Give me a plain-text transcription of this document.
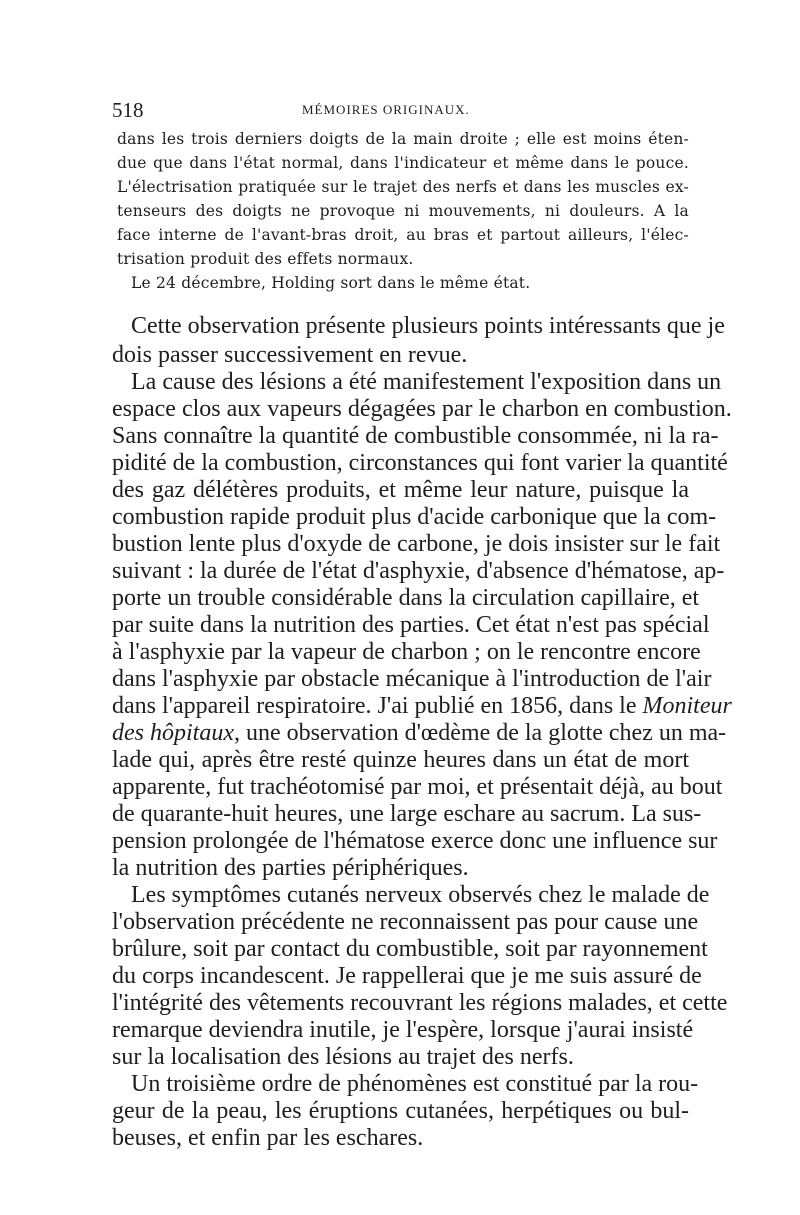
518	MÉMOIRES ORIGINAUX.
dans les trois derniers doigts de la main droite ; elle est moins éten-
due que dans l'état normal, dans l'indicateur et même dans le pouce.
L'électrisation pratiquée sur le trajet des nerfs et dans les muscles ex-
tenseurs des doigts ne provoque ni mouvements, ni douleurs. A la
face interne de l'avant-bras droit, au bras et partout ailleurs, l'élec-
trisation produit des effets normaux.
Le 24 décembre, Holding sort dans le même état.
Cette observation présente plusieurs points intéressants que je
dois passer successivement en revue.
La cause des lésions a été manifestement l'exposition dans un
espace clos aux vapeurs dégagées par le charbon en combustion.
Sans connaître la quantité de combustible consommée, ni la ra-
pidité de la combustion, circonstances qui font varier la quantité
des gaz délétères produits, et même leur nature, puisque la
combustion rapide produit plus d'acide carbonique que la com-
bustion lente plus d'oxyde de carbone, je dois insister sur le fait
suivant : la durée de l'état d'asphyxie, d'absence d'hématose, ap-
porte un trouble considérable dans la circulation capillaire, et
par suite dans la nutrition des parties. Cet état n'est pas spécial
à l'asphyxie par la vapeur de charbon ; on le rencontre encore
dans l'asphyxie par obstacle mécanique à l'introduction de l'air
dans l'appareil respiratoire. J'ai publié en 1856, dans le Moniteur
des hôpitaux, une observation d'œdème de la glotte chez un ma-
lade qui, après être resté quinze heures dans un état de mort
apparente, fut trachéotomisé par moi, et présentait déjà, au bout
de quarante-huit heures, une large eschare au sacrum. La sus-
pension prolongée de l'hématose exerce donc une influence sur
la nutrition des parties périphériques.
Les symptômes cutanés nerveux observés chez le malade de
l'observation précédente ne reconnaissent pas pour cause une
brûlure, soit par contact du combustible, soit par rayonnement
du corps incandescent. Je rappellerai que je me suis assuré de
l'intégrité des vêtements recouvrant les régions malades, et cette
remarque deviendra inutile, je l'espère, lorsque j'aurai insisté
sur la localisation des lésions au trajet des nerfs.
Un troisième ordre de phénomènes est constitué par la rou-
geur de la peau, les éruptions cutanées, herpétiques ou bul-
beuses, et enfin par les eschares.
